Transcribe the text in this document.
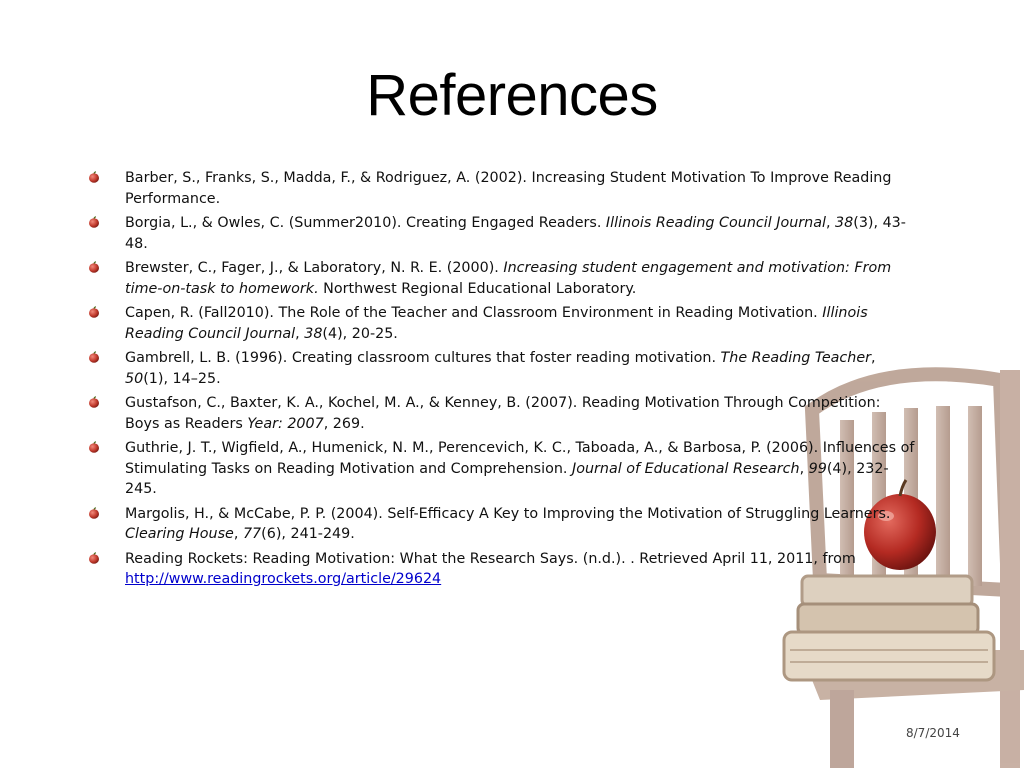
References
Barber, S., Franks, S., Madda, F., & Rodriguez, A. (2002). Increasing Student Motivation To Improve Reading Performance.
Borgia, L., & Owles, C. (Summer2010). Creating Engaged Readers. Illinois Reading Council Journal, 38(3), 43-48.
Brewster, C., Fager, J., & Laboratory, N. R. E. (2000). Increasing student engagement and motivation: From time-on-task to homework. Northwest Regional Educational Laboratory.
Capen, R. (Fall2010). The Role of the Teacher and Classroom Environment in Reading Motivation. Illinois Reading Council Journal, 38(4), 20-25.
Gambrell, L. B. (1996). Creating classroom cultures that foster reading motivation. The Reading Teacher, 50(1), 14–25.
Gustafson, C., Baxter, K. A., Kochel, M. A., & Kenney, B. (2007). Reading Motivation Through Competition: Boys as Readers Year: 2007, 269.
Guthrie, J. T., Wigfield, A., Humenick, N. M., Perencevich, K. C., Taboada, A., & Barbosa, P. (2006). Influences of Stimulating Tasks on Reading Motivation and Comprehension. Journal of Educational Research, 99(4), 232-245.
Margolis, H., & McCabe, P. P. (2004). Self-Efficacy A Key to Improving the Motivation of Struggling Learners. Clearing House, 77(6), 241-249.
Reading Rockets: Reading Motivation: What the Research Says. (n.d.). . Retrieved April 11, 2011, from http://www.readingrockets.org/article/29624
8/7/2014
